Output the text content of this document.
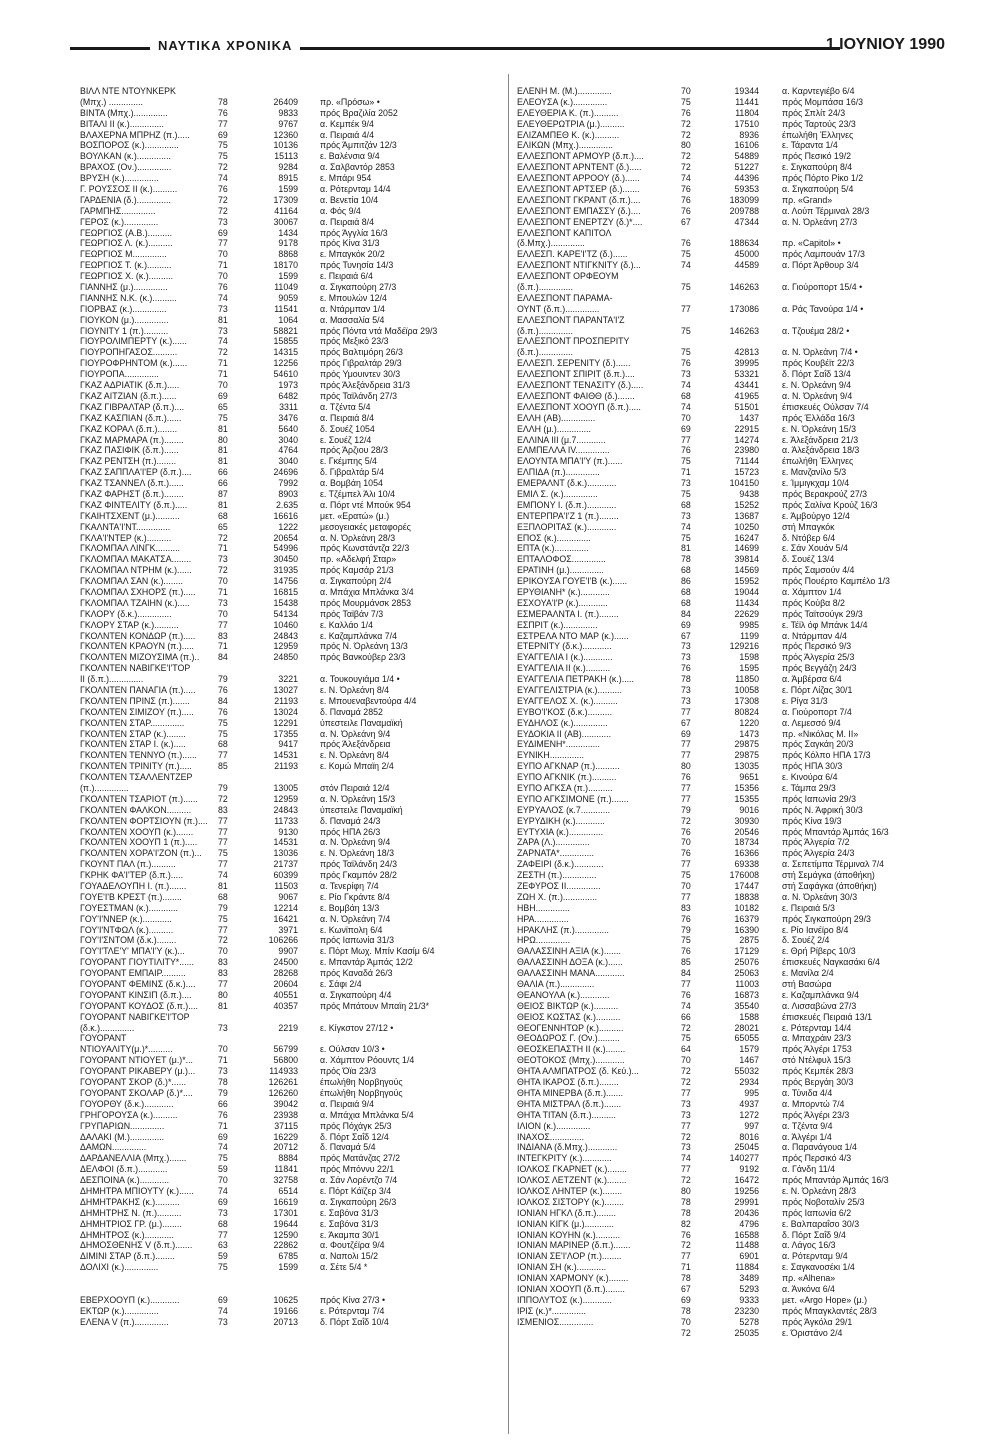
ΝΑΥΤΙΚΑ ΧΡΟΝΙΚΑ	1 ΙΟΥΝΙΟΥ 1990
ΒΙΛΛ ΝΤΕ ΝΤΟΥΝΚΕΡΚ
(Μπχ.) ..............	78	26409	πρ. «Πρόσω» •
ΒΙΝΤΑ (Μπχ.)..............	76	9833	πρός Βραζιλία 2052
ΒΙΤΑΛΙ ΙΙ (κ.)..............	77	9767	α. Κεμπέκ 9/4
ΒΛΑΧΕΡΝΑ ΜΠΡΗΖ (π.).....	69	12360	α. Πειραιά 4/4
ΒΟΣΠΟΡΟΣ (κ.)..............	75	10136	πρός Άμπιτζάν 12/3
ΒΟΥΛΚΑΝ (κ.)..............	75	15113	ε. Βαλένσια 9/4
ΒΡΑΧΟΣ (Ον.)..............	72	9284	α. Σαλβαντόρ 2853
ΒΡΥΣΗ (κ.)..............	74	8915	ε. Μπάρι 954
Γ. ΡΟΥΣΣΟΣ ΙΙ (κ.)..........	76	1599	α. Ρότερνταμ 14/4
ΓΑΡΔΕΝΙΑ (δ.)..............	72	17309	α. Βενετία 10/4
ΓΑΡΜΠΗΣ..............	72	41164	α. Φός 9/4
ΓΕΡΟΣ (κ.)..............	73	30067	α. Πειραιά 8/4
ΓΕΩΡΓΙΟΣ (Α.Β.)..........	69	1434	πρός Άγγλία 16/3
ΓΕΩΡΓΙΟΣ Λ. (κ.)..........	77	9178	πρός Κίνα 31/3
ΓΕΩΡΓΙΟΣ Μ..............	70	8868	ε. Μπαγκόκ 20/2
ΓΕΩΡΓΙΟΣ Τ. (κ.)..........	71	18170	πρός Τυνησία 14/3
ΓΕΩΡΓΙΟΣ Χ. (κ.)..........	70	1599	ε. Πειραιά 6/4
ΓΙΑΝΝΗΣ (μ.)..............	76	11049	α. Σιγκαπούρη 27/3
ΓΙΑΝΝΗΣ Ν.Κ. (κ.)..........	74	9059	ε. Μπουλών 12/4
ΓΙΟΡΒΑΣ (κ.)..............	73	11541	α. Ντάρμπαν 1/4
ΓΙΟΥΚΟΝ (μ.)..............	81	1064	α. Μασσαλία 5/4
ΓΙΟΥΝΙΤΥ 1 (π.)..........	73	58821	πρός Πόντα ντά Μαδέϊρα 29/3
ΓΙΟΥΡΟΛΙΜΠΕΡΤΥ (κ.)......	74	15855	πρός Μεξικό 23/3
ΓΙΟΥΡΟΠΗΓΑΣΟΣ..........	72	14315	πρός Βαλτιμόρη 26/3
ΓΙΟΥΡΟΦΡΗΝΤΟΜ (κ.)......	71	12256	πρός Γιβραλτάρ 29/3
ΓΙΟΥΡΟΠΑ..............	71	54610	πρός Υμουιντεν 30/3
ΓΚΑΖ ΑΔΡΙΑΤΙΚ (δ.π.).....	70	1973	πρός Άλεξάνδρεια 31/3
ΓΚΑΖ ΑΙΤΖΙΑΝ (δ.π.)......	69	6482	πρός Ταϊλάνδη 27/3
ΓΚΑΖ ΓΙΒΡΑΛΤΑΡ (δ.π.)....	65	3311	α. Τζέντα 5/4
ΓΚΑΖ ΚΑΣΠΙΑΝ (δ.π.)......	75	3476	α. Πειραιά 8/4
ΓΚΑΖ ΚΟΡΑΛ (δ.π.)........	81	5640	δ. Σουέζ 1054
ΓΚΑΖ ΜΑΡΜΑΡΑ (π.)........	80	3040	ε. Σουέζ 12/4
ΓΚΑΖ ΠΑΣΙΦΙΚ (δ.π.)......	81	4764	πρός Άρζιου 28/3
ΓΚΑΖ ΡΕΝΤΣΗ (π.)........	81	3040	ε. Γκέμπης 5/4
ΓΚΑΖ ΣΑΠΠΛΑ'Ι'ΕΡ (δ.π.)....	66	24696	δ. Γιβραλτάρ 5/4
ΓΚΑΖ ΤΣΑΝΝΕΛ (δ.π.)......	66	7992	α. Βομβάη 1054
ΓΚΑΖ ΦΑΡΗΣΤ (δ.π.)........	87	8903	ε. Τζέμπελ Άλι 10/4
ΓΚΑΖ ΦΙΝΤΕΛΙΤΥ (δ.π.).....	81	2.635	α. Πόρτ ντέ Μπούκ 954
ΓΚΑΙΗΤΣΧΕΝΤ (μ.)..........	68	16616	μετ. «Ερατώ» (μ.)
ΓΚΑΛΝΤΑ'Ι'ΝΤ..............	65	1222	μεσογειακές μεταφορές
ΓΚΛΑ'Ι'ΝΤΕΡ (κ.)..........	72	20654	α. Ν. Όρλεάνη 28/3
ΓΚΛΟΜΠΑΛ ΛΙΝΓΚ..........	71	54996	πρός Κωνστάντζα 22/3
ΓΚΛΟΜΠΑΛ ΜΑΚΑΤΣΑ........	73	30450	πρ. «Αδελφή Σταρ»
ΓΚΛΟΜΠΑΛ ΝΤΡΗΜ (κ.)......	72	31935	πρός Καμσάρ 21/3
ΓΚΛΟΜΠΑΛ ΣΑΝ (κ.)........	70	14756	α. Σιγκαπούρη 2/4
ΓΚΛΟΜΠΑΛ ΣΧΗΟΡΣ (π.).....	71	16815	α. Μπάχια Μπλάνκα 3/4
ΓΚΛΟΜΠΑΛ ΤΖΑΙΗΝ (κ.).....	73	15438	πρός Μουρμάνσκ 2853
ΓΚΛΟΡΥ (δ.κ.)..............	70	54134	πρός Ταϊβάν 7/3
ΓΚΛΟΡΥ ΣΤΑΡ (κ.)..........	77	10460	ε. Καλλάο 1/4
ΓΚΟΛΝΤΕΝ ΚΟΝΔΩΡ (π.).....	83	24843	ε. Καζαμπλάνκα 7/4
ΓΚΟΛΝΤΕΝ ΚΡΑΟΥΝ (π.).....	71	12959	πρός Ν. Όρλεάνη 13/3
ΓΚΟΛΝΤΕΝ ΜΙΖΟΥΣΙΜΑ (π.).. 84	24850	πρός Βανκούβερ 23/3
ΓΚΟΛΝΤΕΝ ΝΑΒΙΓΚΕ'Ι'ΤΟΡ
ΙΙ (δ.π.)..............	79	3221	α. Τουκουγιάμα 1/4 •
ΓΚΟΛΝΤΕΝ ΠΑΝΑΓΙΑ (π.).....	76	13027	ε. Ν. Όρλεάνη 8/4
ΓΚΟΛΝΤΕΝ ΠΡΙΝΣ (π.).......	84	21193	ε. Μπουεναβεντούρα 4/4
ΓΚΟΛΝΤΕΝ ΣΙΜΙΖΟΥ (π.).....	76	13024	δ. Παναμά 2852
ΓΚΟΛΝΤΕΝ ΣΤΑΡ..............	75	12291	ύπεστειλε Παναμαϊκή
ΓΚΟΛΝΤΕΝ ΣΤΑΡ (κ.)........	75	17355	α. Ν. Όρλεάνη 9/4
ΓΚΟΛΝΤΕΝ ΣΤΑΡ Ι. (κ.).....	68	9417	πρός Άλεξάνδρεια
ΓΚΟΛΝΤΕΝ ΤΕΝΝΥΟ (π.)...... 77	14531	ε. Ν. Όρλεάνη 8/4
ΓΚΟΛΝΤΕΝ ΤΡΙΝΙΤΥ (π.).....	85	21193	ε. Κομώ Μπαϊη 2/4
ΓΚΟΛΝΤΕΝ ΤΣΑΛΛΕΝΤΖΕΡ
(π.)..............	79	13005	στόν Πειραιά 12/4
ΓΚΟΛΝΤΕΝ ΤΣΑΡΙΟΤ (π.)...... 72	12959	α. Ν. Όρλεάνη 15/3
ΓΚΟΛΝΤΕΝ ΦΑΛΚΟΝ..........	83	24843	ύπεστειλε Παναμαϊκή
ΓΚΟΛΝΤΕΝ ΦΟΡΤΣΙΟΥΝ (π.).... 77	11733	δ. Παναμά 24/3
ΓΚΟΛΝΤΕΝ ΧΟΟΥΠ (κ.).......	77	9130	πρός ΗΠΑ 26/3
ΓΚΟΛΝΤΕΝ ΧΟΟΥΠ 1 (π.)..... 77	14531	α. Ν. Όρλεάνη 9/4
ΓΚΟΛΝΤΕΝ ΧΟΡΑ'Ι'ΖΟΝ (π.)... 75	13036	ε. Ν. Όρλεάνη 18/3
ΓΚΟΥΝΤ ΠΑΛ (π.)..........	77	21737	πρός Ταϊλάνδη 24/3
ΓΚΡΗΚ ΦΑ'Ι'ΤΕΡ (δ.π.).....	74	60399	πρός Γκαμπόν 28/2
ΓΟΥΑΔΕΛΟΥΠΗ Ι. (π.).......	81	11503	α. Τενερίφη 7/4
ΓΟΥΕ'Ι'Β ΚΡΕΣΤ (π.)........	68	9067	ε. Ρίο Γκράντε 8/4
ΓΟΥΕΣΤΜΑΝ (κ.)............	79	12214	ε. Βομβάη 13/3
ΓΟΥ'Ι'ΝΝΕΡ (κ.)............	75	16421	α. Ν. Όρλεάνη 7/4
ΓΟΥ'Ι'ΝΤΦΩΛ (κ.)..........	77	3971	ε. Κωνϊπολη 6/4
ΓΟΥ'Ι'ΣΝΤΟΜ (δ.κ.)........	72	106266	πρός Ιαπωνία 31/3
ΓΟΥ'Ι'ΤΛΕ'Υ' ΜΠΑ'Ι'Υ (κ.)...	70	9907	ε. Πόρτ Μωχ. Μπίν Κασίμ 6/4
ΓΟΥΟΡΑΝΤ ΓΙΟΥΤΙΛΙΤΥ*......	83	24500	ε. Μπαντάρ Άμπάς 12/2
ΓΟΥΟΡΑΝΤ ΕΜΠΑΙΡ..........	83	28268	πρός Καναδά 26/3
ΓΟΥΟΡΑΝΤ ΦΕΜΙΝΣ (δ.κ.)....	77	20604	ε. Σάφι 2/4
ΓΟΥΟΡΑΝΤ ΚΙΝΣΙΠ (δ.π.)....	80	40551	α. Σιγκαπούρη 4/4
ΓΟΥΟΡΑΝΤ ΚΟΥΔΟΣ (δ.π.).... 81	40357	πρός Μπάτουν Μπαϊη 21/3*
ΓΟΥΟΡΑΝΤ ΝΑΒΙΓΚΕ'Ι'ΤΟΡ
(δ.κ.)..............	73	2219	ε. Κίγκστον 27/12 •
ΓΟΥΟΡΑΝΤ
ΝΤΙΟΥΑΛΙΤΥ(μ.)*..........	70	56799	ε. Ούλσαν 10/3 •
ΓΟΥΟΡΑΝΤ ΝΤΙΟΥΕΤ (μ.)*...	71	56800	α. Χάμπτον Ρόουντς 1/4
ΓΟΥΟΡΑΝΤ ΡΙΚΑΒΕΡΥ (μ.)...	73	114933	πρός Όϊα 23/3
ΓΟΥΟΡΑΝΤ ΣΚΟΡ (δ.)*......	78	126261	έπωλήθη Νορβηγούς
ΓΟΥΟΡΑΝΤ ΣΚΟΛΑΡ (δ.)*....	79	126260	έπωλήθη Νορβηγούς
ΓΟΥΟΡΘΥ (δ.κ.)............	66	39042	α. Πειραιά 9/4
ΓΡΗΓΟΡΟΥΣΑ (κ.)..........	76	23938	α. Μπάχια Μπλάνκα 5/4
ΓΡΥΠΑΡΙΩΝ..............	71	37115	πρός Πόχάγκ 25/3
ΔΑΛΑΚΙ (Μ.)..............	69	16229	δ. Πόρτ Σαΐδ 12/4
ΔΑΜΩΝ..............	74	20712	δ. Παναμά 5/4
ΔΑΡΔΑΝΕΛΛΙΑ (Μπχ.).......	75	8884	πρός Ματάνζας 27/2
ΔΕΛΦΟΙ (δ.π.)............	59	11841	πρός Μπόννυ 22/1
ΔΕΣΠΟΙΝΑ (κ.)............	70	32758	α. Σάν Λορέντζο 7/4
ΔΗΜΗΤΡΑ ΜΠΙΟΥΤΥ (κ.)......	74	6514	ε. Πόρτ Κάϊζερ 3/4
ΔΗΜΗΤΡΑΚΗΣ (κ.)..........	69	16619	α. Σιγκαπούρη 26/3
ΔΗΜΗΤΡΗΣ Ν. (π.)..........	73	17301	ε. Σαβόνα 31/3
ΔΗΜΗΤΡΙΟΣ ΓΡ. (μ.)........	68	19644	ε. Σαβόνα 31/3
ΔΗΜΗΤΡΟΣ (κ.)............	77	12590	ε. Άκαμπα 30/1
ΔΗΜΟΣΘΕΝΗΣ V (δ.π.).......	63	22862	α. Φουτζέϊρα 9/4
ΔΙΜΙΝΙ ΣΤΑΡ (δ.π.)........	59	6785	α. Ναπολι 15/2
ΔΟΛΙΧΙ (κ.)..............	75	1599	α. Σέτε 5/4 *
ΕΒΕΡΧΟΟΥΠ (κ.)............	69	10625	πρός Κίνα 27/3 •
ΕΚΤΩΡ (κ.)..............	74	19166	ε. Ρότερνταμ 7/4
ΕΛΕΝΑ V (π.)..............	73	20713	δ. Πόρτ Σαΐδ 10/4
ΕΛΕΝΗ Μ. (Μ.)..............	70	19344	α. Καρντεγιέβο 6/4
ΕΛΕΟΥΣΑ (κ.)..............	75	11441	πρός Μομπάσα 16/3
ΕΛΕΥΘΕΡΙΑ Κ. (π.)..........	76	11804	πρός Σπλίτ 24/3
ΕΛΕΥΘΕΡΩΤΡΙΑ (μ.)..........	72	17510	πρός Ταρτούς 23/3
ΕΛΙΖΑΜΠΕΘ Κ. (κ.)..........	72	8936	έπωλήθη Έλληνες
ΕΛΙΚΩΝ (Μπχ.)..............	80	16106	ε. Τάραντα 1/4
ΕΛΛΕΣΠΟΝΤ ΑΡΜΟΥΡ (δ.π.)....	72	54889	πρός Πεσικό 19/2
ΕΛΛΕΣΠΟΝΤ ΑΡΝΤΕΝΤ (δ.).....	72	51227	ε. Σιγκαπούρη 8/4
ΕΛΛΕΣΠΟΝΤ ΑΡΡΟΟΥ (δ.)......	74	44396	πρός Πόρτο Ρίκο 1/2
ΕΛΛΕΣΠΟΝΤ ΑΡΤΣΕΡ (δ.).......	76	59353	α. Σιγκαπούρη 5/4
ΕΛΛΕΣΠΟΝΤ ΓΚΡΑΝΤ (δ.π.)....	76	183099	πρ. «Grand»
ΕΛΛΕΣΠΟΝΤ ΕΜΠΑΣΣΥ (δ.)....	76	209788	α. Λούπ Τέρμιναλ 28/3
ΕΛΛΕΣΠΟΝΤ ΕΝΕΡΤΖΥ (δ.)*....	67	47344	α. Ν. Όρλεάνη 27/3
ΕΛΛΕΣΠΟΝΤ ΚΑΠΙΤΟΛ
(δ.Μπχ.)..............	76	188634	πρ. «Capitol» •
ΕΛΛΕΣΠ. ΚΑΡΕ'Ι'ΤΖ (δ.)......	75	45000	πρός Λαμπουάν 17/3
ΕΛΛΕΣΠΟΝΤ ΝΤΙΓΚΝΙΤΥ (δ.)...	74	44589	α. Πόρτ Άρθουρ 3/4
ΕΛΛΕΣΠΟΝΤ ΟΡΦΕΟΥΜ
(δ.π.)..............	75	146263	α. Γιούροπορτ 15/4 •
ΕΛΛΕΣΠΟΝΤ ΠΑΡΑΜΑ-
ΟΥΝΤ (δ.π.)..............	77	173086	α. Ράς Τανούρα 1/4 •
ΕΛΛΕΣΠΟΝΤ ΠΑΡΑΝΤΑ'Ι'Ζ
(δ.π.)..............	75	146263	α. Τζουέμα 28/2 •
ΕΛΛΕΣΠΟΝΤ ΠΡΟΣΠΕΡΙΤΥ
(δ.π.)..............	75	42813	α. Ν. Όρλεάνη 7/4 •
ΕΛΛΕΣΠ. ΣΕΡΕΝΙΤΥ (δ.)......	76	39995	πρός Κουβέϊτ 22/3
ΕΛΛΕΣΠΟΝΤ ΣΠΙΡΙΤ (δ.π.)....	73	53321	δ. Πόρτ Σαΐδ 13/4
ΕΛΛΕΣΠΟΝΤ ΤΕΝΑΣΙΤΥ (δ.).....	74	43441	ε. Ν. Όρλεάνη 9/4
ΕΛΛΕΣΠΟΝΤ ΦΑΙΘΘ (δ.).......	68	41965	α. Ν. Όρλεάνη 9/4
ΕΛΛΕΣΠΟΝΤ ΧΟΟΥΠ (δ.π.).....	74	51501	έπισκευές Ούλσαν 7/4
ΕΛΛΗ (ΑΒ)..............	70	1437	πρός Έλλάδα 16/3
ΕΛΛΗ (μ.)..............	69	22915	ε. Ν. Όρλεάνη 15/3
ΕΛΛΙΝΑ ΙΙΙ (μ.7............	77	14274	ε. Άλεξάνδρεια 21/3
ΕΛΜΠΕΛΛΑ IV..............	76	23980	α. Άλεξάνδρεια 18/3
ΕΛΟΥΝΤΑ ΜΠΑ'Ι'Υ (π.)......	75	71144	έπωλήθη Έλληνες
ΕΛΠΙΔΑ (π.)..............	71	15723	ε. Μανζανίλο 5/3
ΕΜΕΡΑΛΝΤ (δ.κ.)............	73	104150	ε. Ίμμιγκχαμ 10/4
ΕΜΙΛ Σ. (κ.)..............	75	9438	πρός Βερακρούζ 27/3
ΕΜΠΟΝΥ Ι. (δ.π.)............	68	15252	πρός Σαλίνα Κρούζ 16/3
ΕΝΤΕΡΠΡΑ'Ι'Ζ 1 (π.)........	73	13687	ε. Άμβούργο 12/4
ΕΞΠΛΟΡΙΤΑΣ (κ.)............	74	10250	στή Μπαγκόκ
ΕΠΟΣ (κ.)..............	75	16247	δ. Ντόβερ 6/4
ΕΠΤΑ (κ.)..............	81	14699	ε. Σάν Χουάν 5/4
ΕΠΤΑΛΟΦΟΣ..............	78	39814	δ. Σουέζ 13/4
ΕΡΑΤΙΝΗ (μ.)..............	68	14569	πρός Σαμσούν 4/4
ΕΡΙΚΟΥΣΑ ΓΟΥΕ'Ι'Β (κ.)......	86	15952	πρός Πουέρτο Καμπέλο 1/3
ΕΡΥΘΙΑΝΗ* (κ.)............	68	19044	α. Χάμπτον 1/4
ΕΣΧΟΥΑ'Ι'Ρ (κ.)............	68	11434	πρός Κούβα 8/2
ΕΣΜΕΡΑΛΝΤΑ Ι. (π.)........	84	22629	πρός Ταϊτσούγκ 29/3
ΕΣΠΡΙΤ (κ.)..............	69	9985	ε. Τέϊλ όφ Μπάνκ 14/4
ΕΣΤΡΕΛΑ ΝΤΟ ΜΑΡ (κ.)......	67	1199	α. Ντάρμπαν 4/4
ΕΤΕΡΝΙΤΥ (δ.κ.)............	73	129216	πρός Περσικό 9/3
ΕΥΑΓΓΕΛΙΑ Ι (κ.)............	73	1598	πρός Άλγερία 25/3
ΕΥΑΓΓΕΛΙΑ ΙΙ (κ.)..........	76	1595	πρός Βεγγάζη 24/3
ΕΥΑΓΓΕΛΙΑ ΠΕΤΡΑΚΗ (κ.).....	78	11850	α. Άμβέρσα 6/4
ΕΥΑΓΓΕΛΙΣΤΡΙΑ (κ.)..........	73	10058	ε. Πόρτ Λίζας 30/1
ΕΥΑΓΓΕΛΟΣ Χ. (κ.)..........	73	17308	ε. Ρίγα 31/3
ΕΥΒΟ'Ι'ΚΟΣ (δ.κ.)..........	77	80824	α. Γιούροπορτ 7/4
ΕΥΔΗΛΟΣ (κ.)..............	67	1220	α. Λεμεσσό 9/4
ΕΥΔΟΚΙΑ ΙΙ (ΑΒ)............	69	1473	πρ. «Νικόλας Μ. ΙΙ»
ΕΥΔΙΜΕΝΗ*..............	77	29875	πρός Σαγκάη 20/3
ΕΥΝΙΚΗ..............	77	29875	πρός Κόλπο ΗΠΑ 17/3
ΕΥΠΟ ΑΓΚΝΑΡ (π.)..........	80	13035	πρός ΗΠΑ 30/3
ΕΥΠΟ ΑΓΚΝΙΚ (π.)..........	76	9651	ε. Κινούρα 6/4
ΕΥΠΟ ΑΓΚΣΑ (π.)..........	77	15356	ε. Τάμπα 29/3
ΕΥΠΟ ΑΓΚΣΙΜΟΝΕ (π.).......	77	15355	πρός Ιαπωνία 29/3
ΕΥΡΥΑΛΟΣ (κ.7............	79	9016	πρός Ν. Άφρική 30/3
ΕΥΡΥΔΙΚΗ (κ.)............	72	30930	πρός Κίνα 19/3
ΕΥΤΥΧΙΑ (κ.)..............	76	20546	πρός Μπαντάρ Άμπάς 16/3
ΖΑΡΑ (Λ.)..............	70	18734	πρός Άλγερία 7/2
ΖΑΡΝΑΤΑ*..............	76	16366	πρός Άλγερία 24/3
ΖΑΦΕΙΡΙ (δ.κ.)............	77	69338	α. Σεπετίμπα Τέρμιναλ 7/4
ΖΕΣΤΗ (π.)..............	75	176008	στή Σεμάγκα (άποθήκη)
ΖΕΦΥΡΟΣ ΙΙ..............	70	17447	στή Σαφάγκα (άποθήκη)
ΖΩΗ Χ. (π.)..............	77	18838	α. Ν. Όρλεάνη 30/3
ΗΒΗ..............	83	10182	ε. Πειραιά 5/3
ΗΡΑ..............	76	16379	πρός Σιγκαπούρη 29/3
ΗΡΑΚΛΗΣ (π.)..............	79	16390	ε. Ρίο Ιανέϊρο 8/4
ΗΡΩ..............	75	2875	δ. Σουέζ 2/4
ΘΑΛΑΣΣΙΝΗ ΑΞΙΑ (κ.).......	76	17129	ε. Θρή Ρίβερς 10/3
ΘΑΛΑΣΣΙΝΗ ΔΟΞΑ (κ.)......	85	25076	έπισκευές Ναγκασάκι 6/4
ΘΑΛΑΣΣΙΝΗ ΜΑΝΑ............	84	25063	ε. Μανίλα 2/4
ΘΑΛΙΑ (π.)..............	77	11003	στή Βασώρα
ΘΕΑΝΟΥΛΑ (κ.)............	76	16873	ε. Καζαμπλάνκα 9/4
ΘΕΙΟΣ ΒΙΚΤΩΡ (κ.)..........	74	35540	α. Λισσαβώνα 27/3
ΘΕΙΟΣ ΚΩΣΤΑΣ (κ.)..........	66	1588	έπισκευές Πειραιά 13/1
ΘΕΟΓΕΝΝΗΤΩΡ (κ.)..........	72	28021	ε. Ρότερνταμ 14/4
ΘΕΟΔΩΡΟΣ Γ. (Ον.).........	75	65055	α. Μπαχράιν 23/3
ΘΕΟΣΚΕΠΑΣΤΗ ΙΙ (κ.)........	64	1579	πρός Άλγέρι 1753
ΘΕΟΤΟΚΟΣ (Μπχ.)............	70	1467	στό Ντέλφυλ 15/3
ΘΗΤΑ ΑΛΜΠΑΤΡΟΣ (δ. Κεύ.)...	72	55032	πρός Κεμπέκ 28/3
ΘΗΤΑ ΙΚΑΡΟΣ (δ.π.)........	72	2934	πρός Βεργάη 30/3
ΘΗΤΑ ΜΙΝΕΡΒΑ (δ.π.).......	77	995	α. Τύνιδα 4/4
ΘΗΤΑ ΜΙΣΤΡΑΛ (δ.π.).......	73	4937	α. Μπορντώ 7/4
ΘΗΤΑ ΤΙΤΑΝ (δ.π.)..........	73	1272	πρός Άλγέρι 23/3
ΙΛΙΟΝ (κ.)..............	77	997	α. Τζέντα 9/4
ΙΝΑΧΟΣ..............	72	8016	α. Άλγέρι 1/4
ΙΝΔΙΑΝΑ (δ.Μπχ.)............	73	25045	α. Παρανάγουα 1/4
ΙΝΤΕΓΚΡΙΤΥ (κ.)............	74	140277	πρός Περσικό 4/3
ΙΟΛΚΟΣ ΓΚΑΡΝΕΤ (κ.)........	77	9192	α. Γάνδη 11/4
ΙΟΛΚΟΣ ΛΕΤΖΕΝΤ (κ.)........	72	16472	πρός Μπαντάρ Άμπάς 16/3
ΙΟΛΚΟΣ ΛΗΝΤΕΡ (κ.)........	80	19256	ε. Ν. Όρλεάνη 28/3
ΙΟΛΚΟΣ ΣΙΣΤΟΡΥ (κ.)........	78	29991	πρός Νοβοταλίν 25/3
ΙΟΝΙΑΝ ΗΓΚΛ (δ.π.)........	78	20436	πρός Ιαπωνία 6/2
ΙΟΝΙΑΝ ΚΙΓΚ (μ.)............	82	4796	ε. Βαλπαραΐσο 30/3
ΙΟΝΙΑΝ ΚΟΥΗΝ (κ.)..........	76	16588	δ. Πόρτ Σαΐδ 9/4
ΙΟΝΙΑΝ ΜΑΡΙΝΕΡ (δ.π.).......	72	11488	α. Λάγος 16/3
ΙΟΝΙΑΝ ΣΕ'Ι'ΛΟΡ (π.)........	77	6901	α. Ρότερνταμ 9/4
ΙΟΝΙΑΝ ΣΗ (κ.)............	71	11884	ε. Σαγκανοσέκι 1/4
ΙΟΝΙΑΝ ΧΑΡΜΟΝΥ (κ.)........	78	3489	πρ. «Alhena»
ΙΟΝΙΑΝ ΧΟΟΥΠ (δ.π.)........	67	5293	α. Άνκόνα 6/4
ΙΠΠΟΛΥΤΟΣ (κ.)............	69	9333	μετ. «Argo Hope» (μ.)
ΙΡΙΣ (κ.)*..............	78	23230	πρός Μπαγκλαντές 28/3
ΙΣΜΕΝΙΟΣ..............	70	5278	πρός Άγκόλα 29/1
72	25035	ε. Όριστάνο 2/4
